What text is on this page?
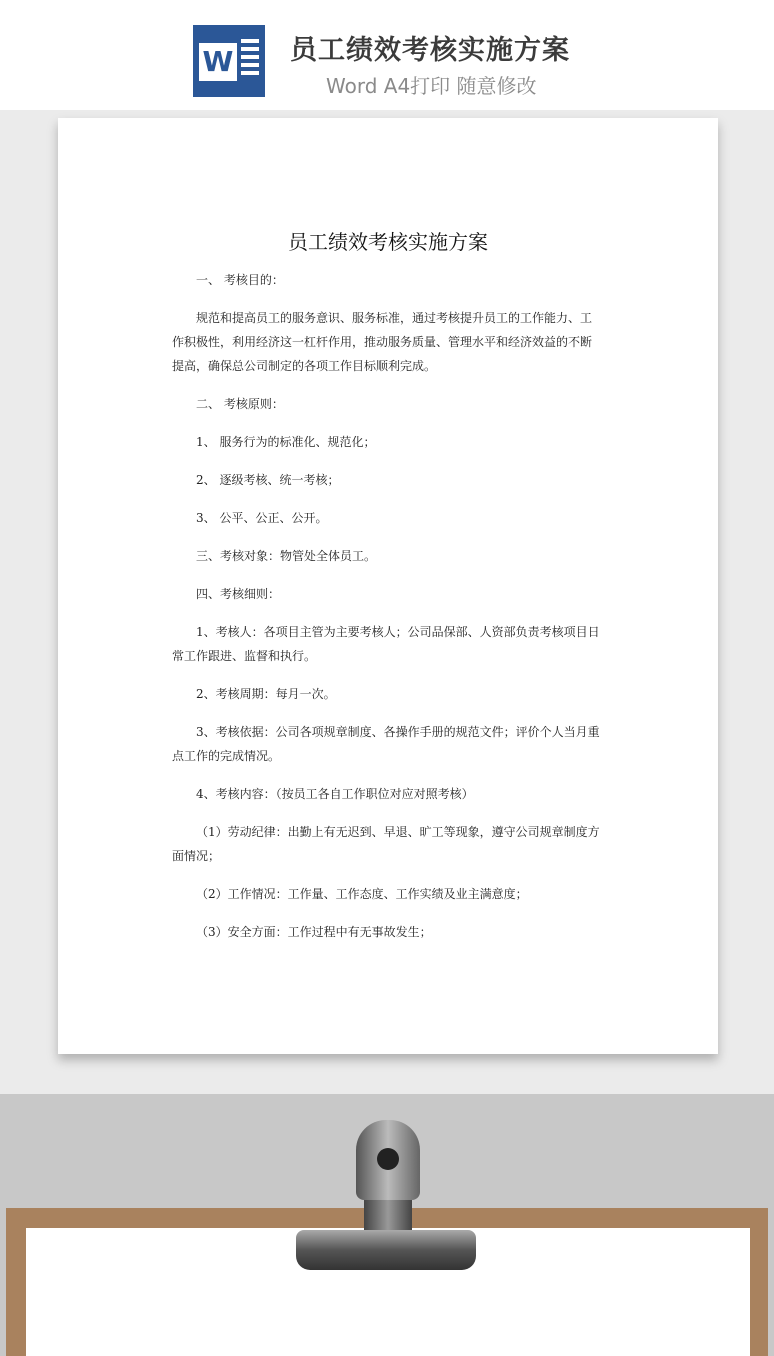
W 员工绩效考核实施方案
Word A4打印 随意修改
员工绩效考核实施方案

一、 考核目的：

规范和提高员工的服务意识、服务标准，通过考核提升员工的工作能力、工作积极性，利用经济这一杠杆作用，推动服务质量、管理水平和经济效益的不断提高，确保总公司制定的各项工作目标顺利完成。

二、 考核原则：

1、 服务行为的标准化、规范化；

2、 逐级考核、统一考核；

3、 公平、公正、公开。

三、考核对象：物管处全体员工。

四、考核细则：

1、考核人：各项目主管为主要考核人；公司品保部、人资部负责考核项目日常工作跟进、监督和执行。

2、考核周期：每月一次。

3、考核依据：公司各项规章制度、各操作手册的规范文件；评价个人当月重点工作的完成情况。

4、考核内容：（按员工各自工作职位对应对照考核）

（1）劳动纪律：出勤上有无迟到、早退、旷工等现象，遵守公司规章制度方面情况；

（2）工作情况：工作量、工作态度、工作实绩及业主满意度；

（3）安全方面：工作过程中有无事故发生；
